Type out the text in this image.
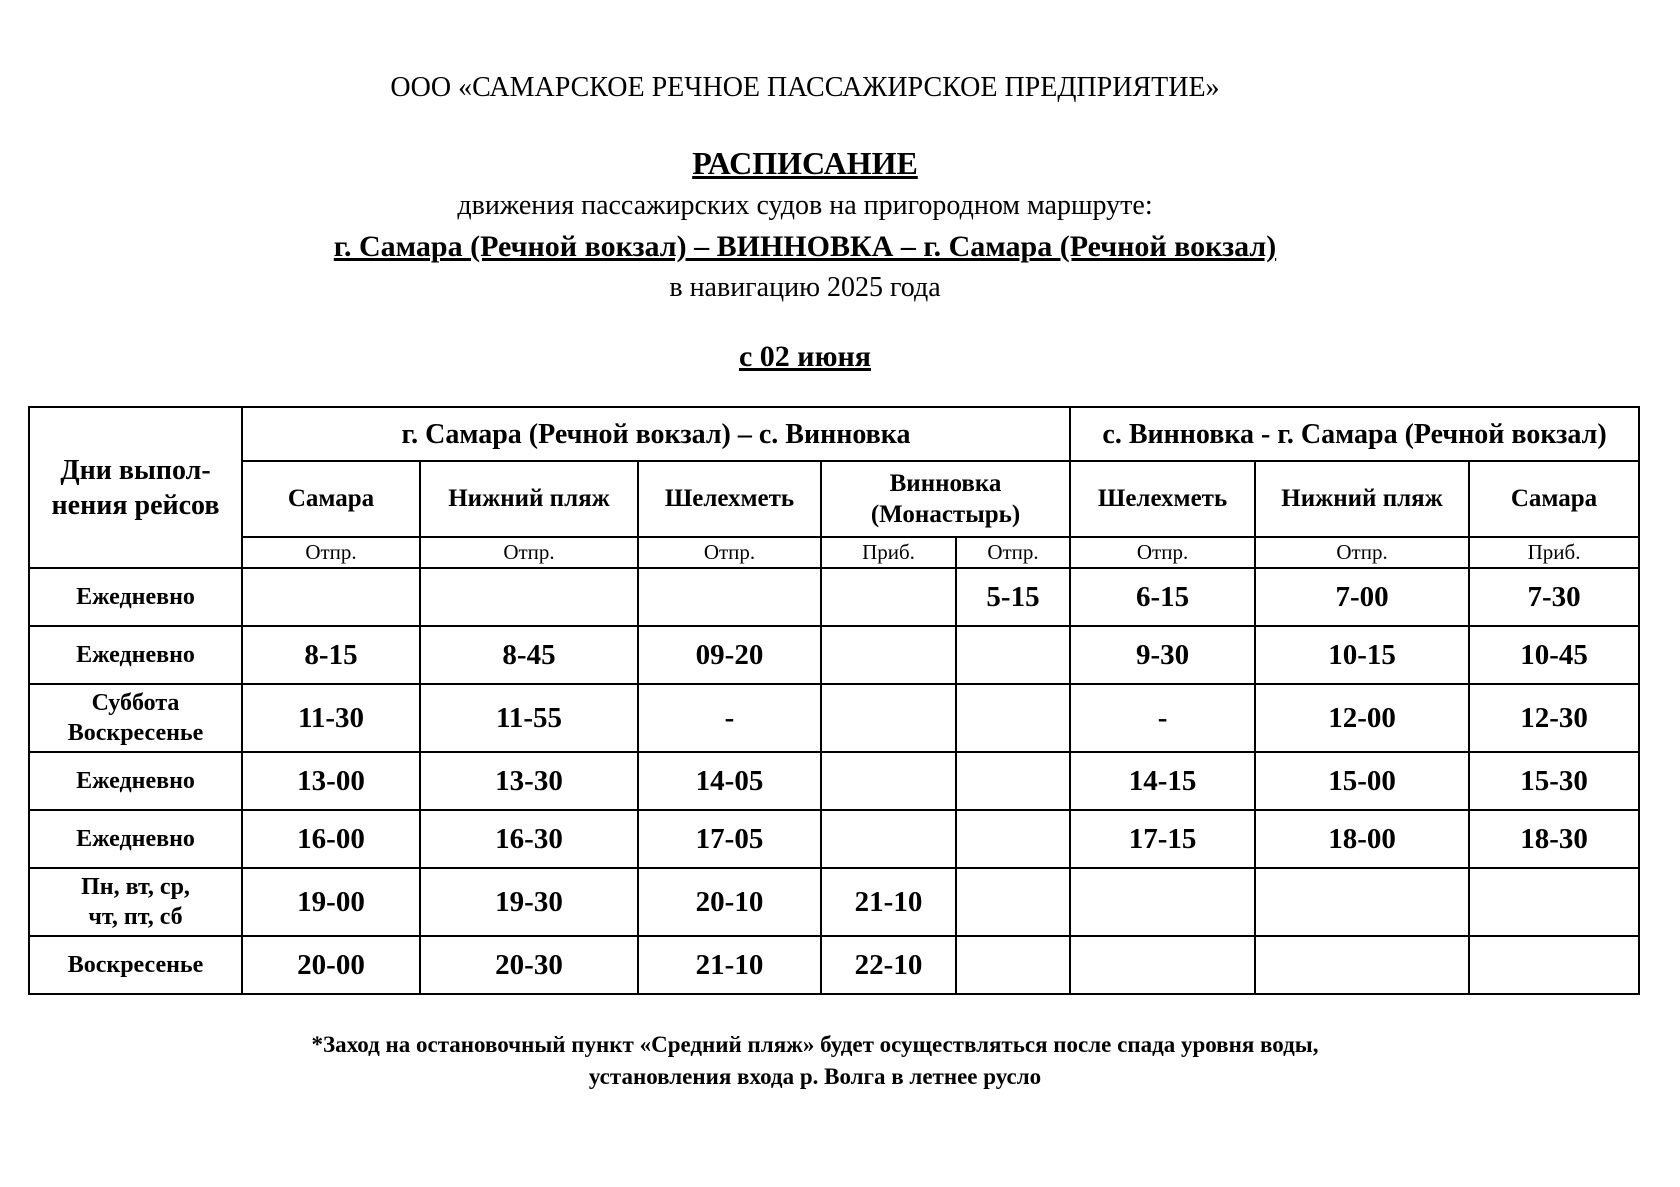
ООО «САМАРСКОЕ РЕЧНОЕ ПАССАЖИРСКОЕ ПРЕДПРИЯТИЕ»
РАСПИСАНИЕ
движения пассажирских судов на пригородном маршруте:
г. Самара (Речной вокзал) – ВИННОВКА – г. Самара (Речной вокзал)
в навигацию 2025 года
с 02 июня
Дни выпол-
нения рейсов	г. Самара (Речной вокзал) – с. Винновка					с. Винновка - г. Самара (Речной вокзал)		
	Самара	Нижний пляж	Шелехметь	Винновка
(Монастырь)		Шелехметь	Нижний пляж	Самара
	Отпр.	Отпр.	Отпр.	Приб.	Отпр.	Отпр.	Отпр.	Приб.
Ежедневно					5-15	6-15	7-00	7-30
Ежедневно	8-15	8-45	09-20			9-30	10-15	10-45
Суббота
Воскресенье	11-30	11-55	-			-	12-00	12-30
Ежедневно	13-00	13-30	14-05			14-15	15-00	15-30
Ежедневно	16-00	16-30	17-05			17-15	18-00	18-30
Пн, вт, ср,
чт, пт, сб	19-00	19-30	20-10	21-10				
Воскресенье	20-00	20-30	21-10	22-10				
*Заход на остановочный пункт «Средний пляж» будет осуществляться после спада уровня воды,
установления входа р. Волга в летнее русло
